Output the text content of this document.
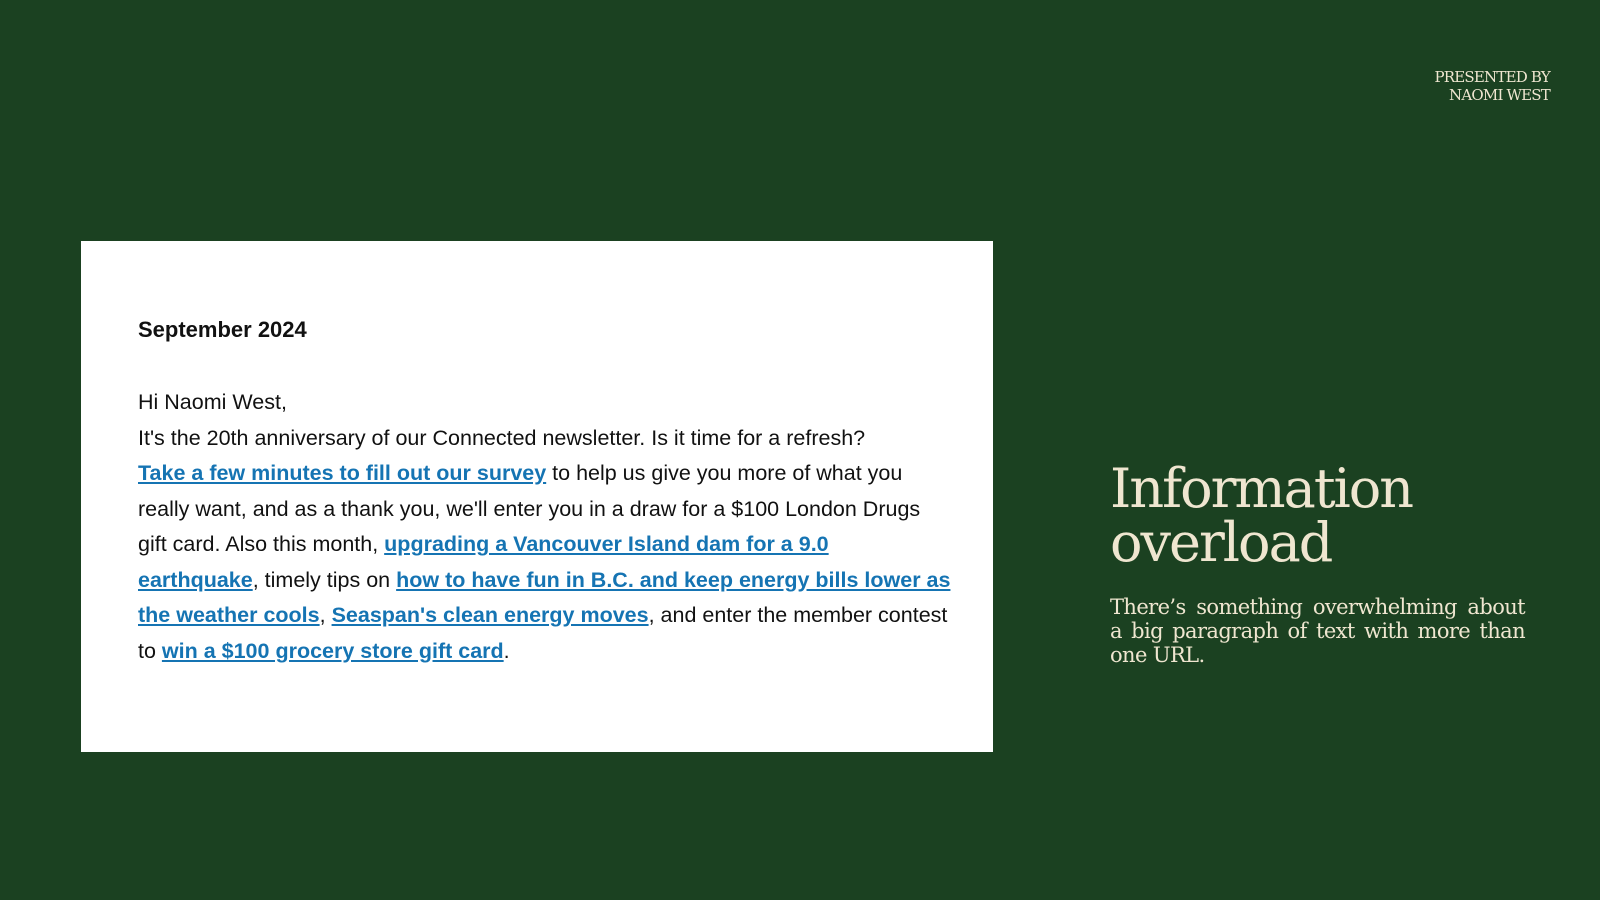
PRESENTED BY
NAOMI WEST
September 2024
Hi Naomi West,
It's the 20th anniversary of our Connected newsletter. Is it time for a refresh?
Take a few minutes to fill out our survey to help us give you more of what you really want, and as a thank you, we'll enter you in a draw for a $100 London Drugs gift card. Also this month, upgrading a Vancouver Island dam for a 9.0 earthquake, timely tips on how to have fun in B.C. and keep energy bills lower as the weather cools, Seaspan's clean energy moves, and enter the member contest to win a $100 grocery store gift card.
Information overload

There’s something overwhelming about a big paragraph of text with more than one URL.
